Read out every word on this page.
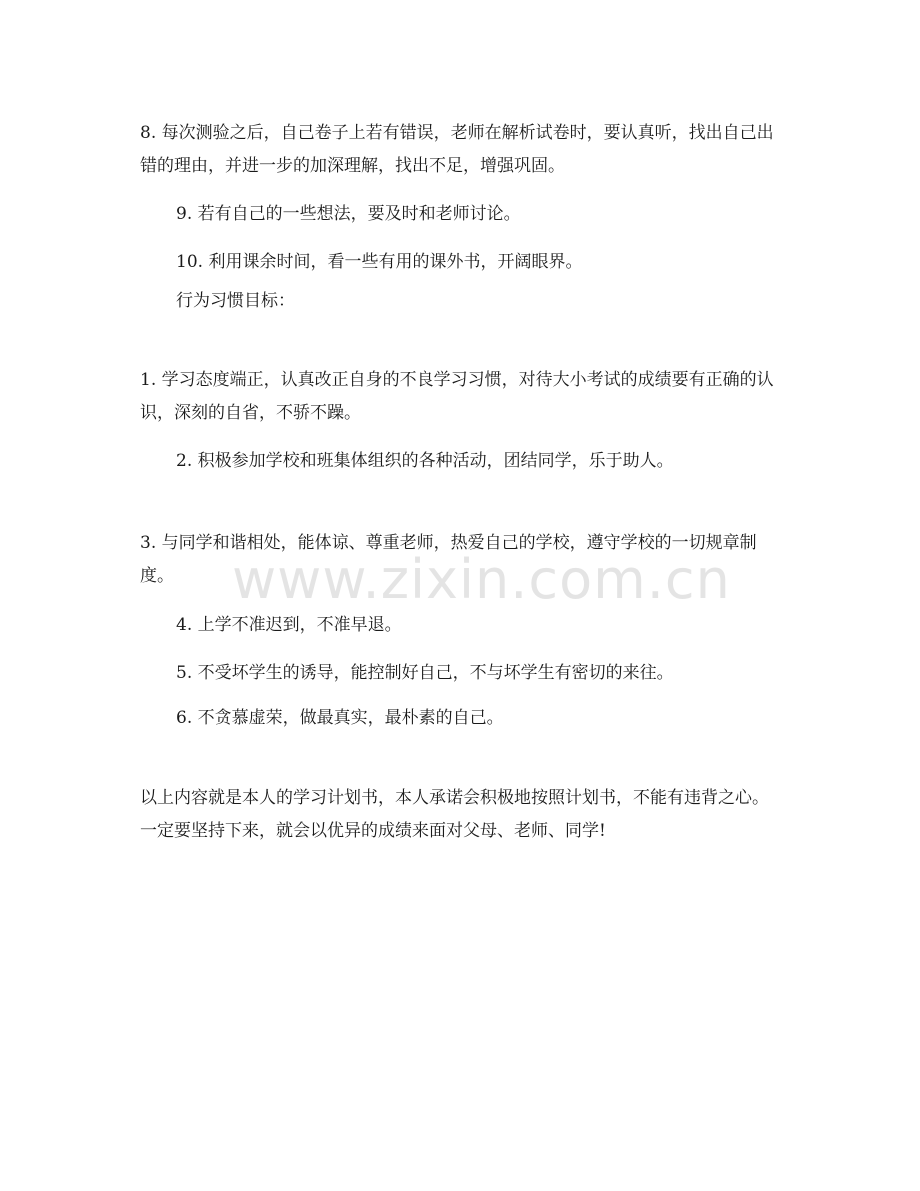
8. 每次测验之后，自己卷子上若有错误，老师在解析试卷时，要认真听，找出自己出错的理由，并进一步的加深理解，找出不足，增强巩固。

9. 若有自己的一些想法，要及时和老师讨论。

10. 利用课余时间，看一些有用的课外书，开阔眼界。

行为习惯目标：

1. 学习态度端正，认真改正自身的不良学习习惯，对待大小考试的成绩要有正确的认识，深刻的自省，不骄不躁。

2. 积极参加学校和班集体组织的各种活动，团结同学，乐于助人。

3. 与同学和谐相处，能体谅、尊重老师，热爱自己的学校，遵守学校的一切规章制度。

4. 上学不准迟到，不准早退。

5. 不受坏学生的诱导，能控制好自己，不与坏学生有密切的来往。

6. 不贪慕虚荣，做最真实，最朴素的自己。

以上内容就是本人的学习计划书，本人承诺会积极地按照计划书，不能有违背之心。一定要坚持下来，就会以优异的成绩来面对父母、老师、同学!

www.zixin.com.cn
